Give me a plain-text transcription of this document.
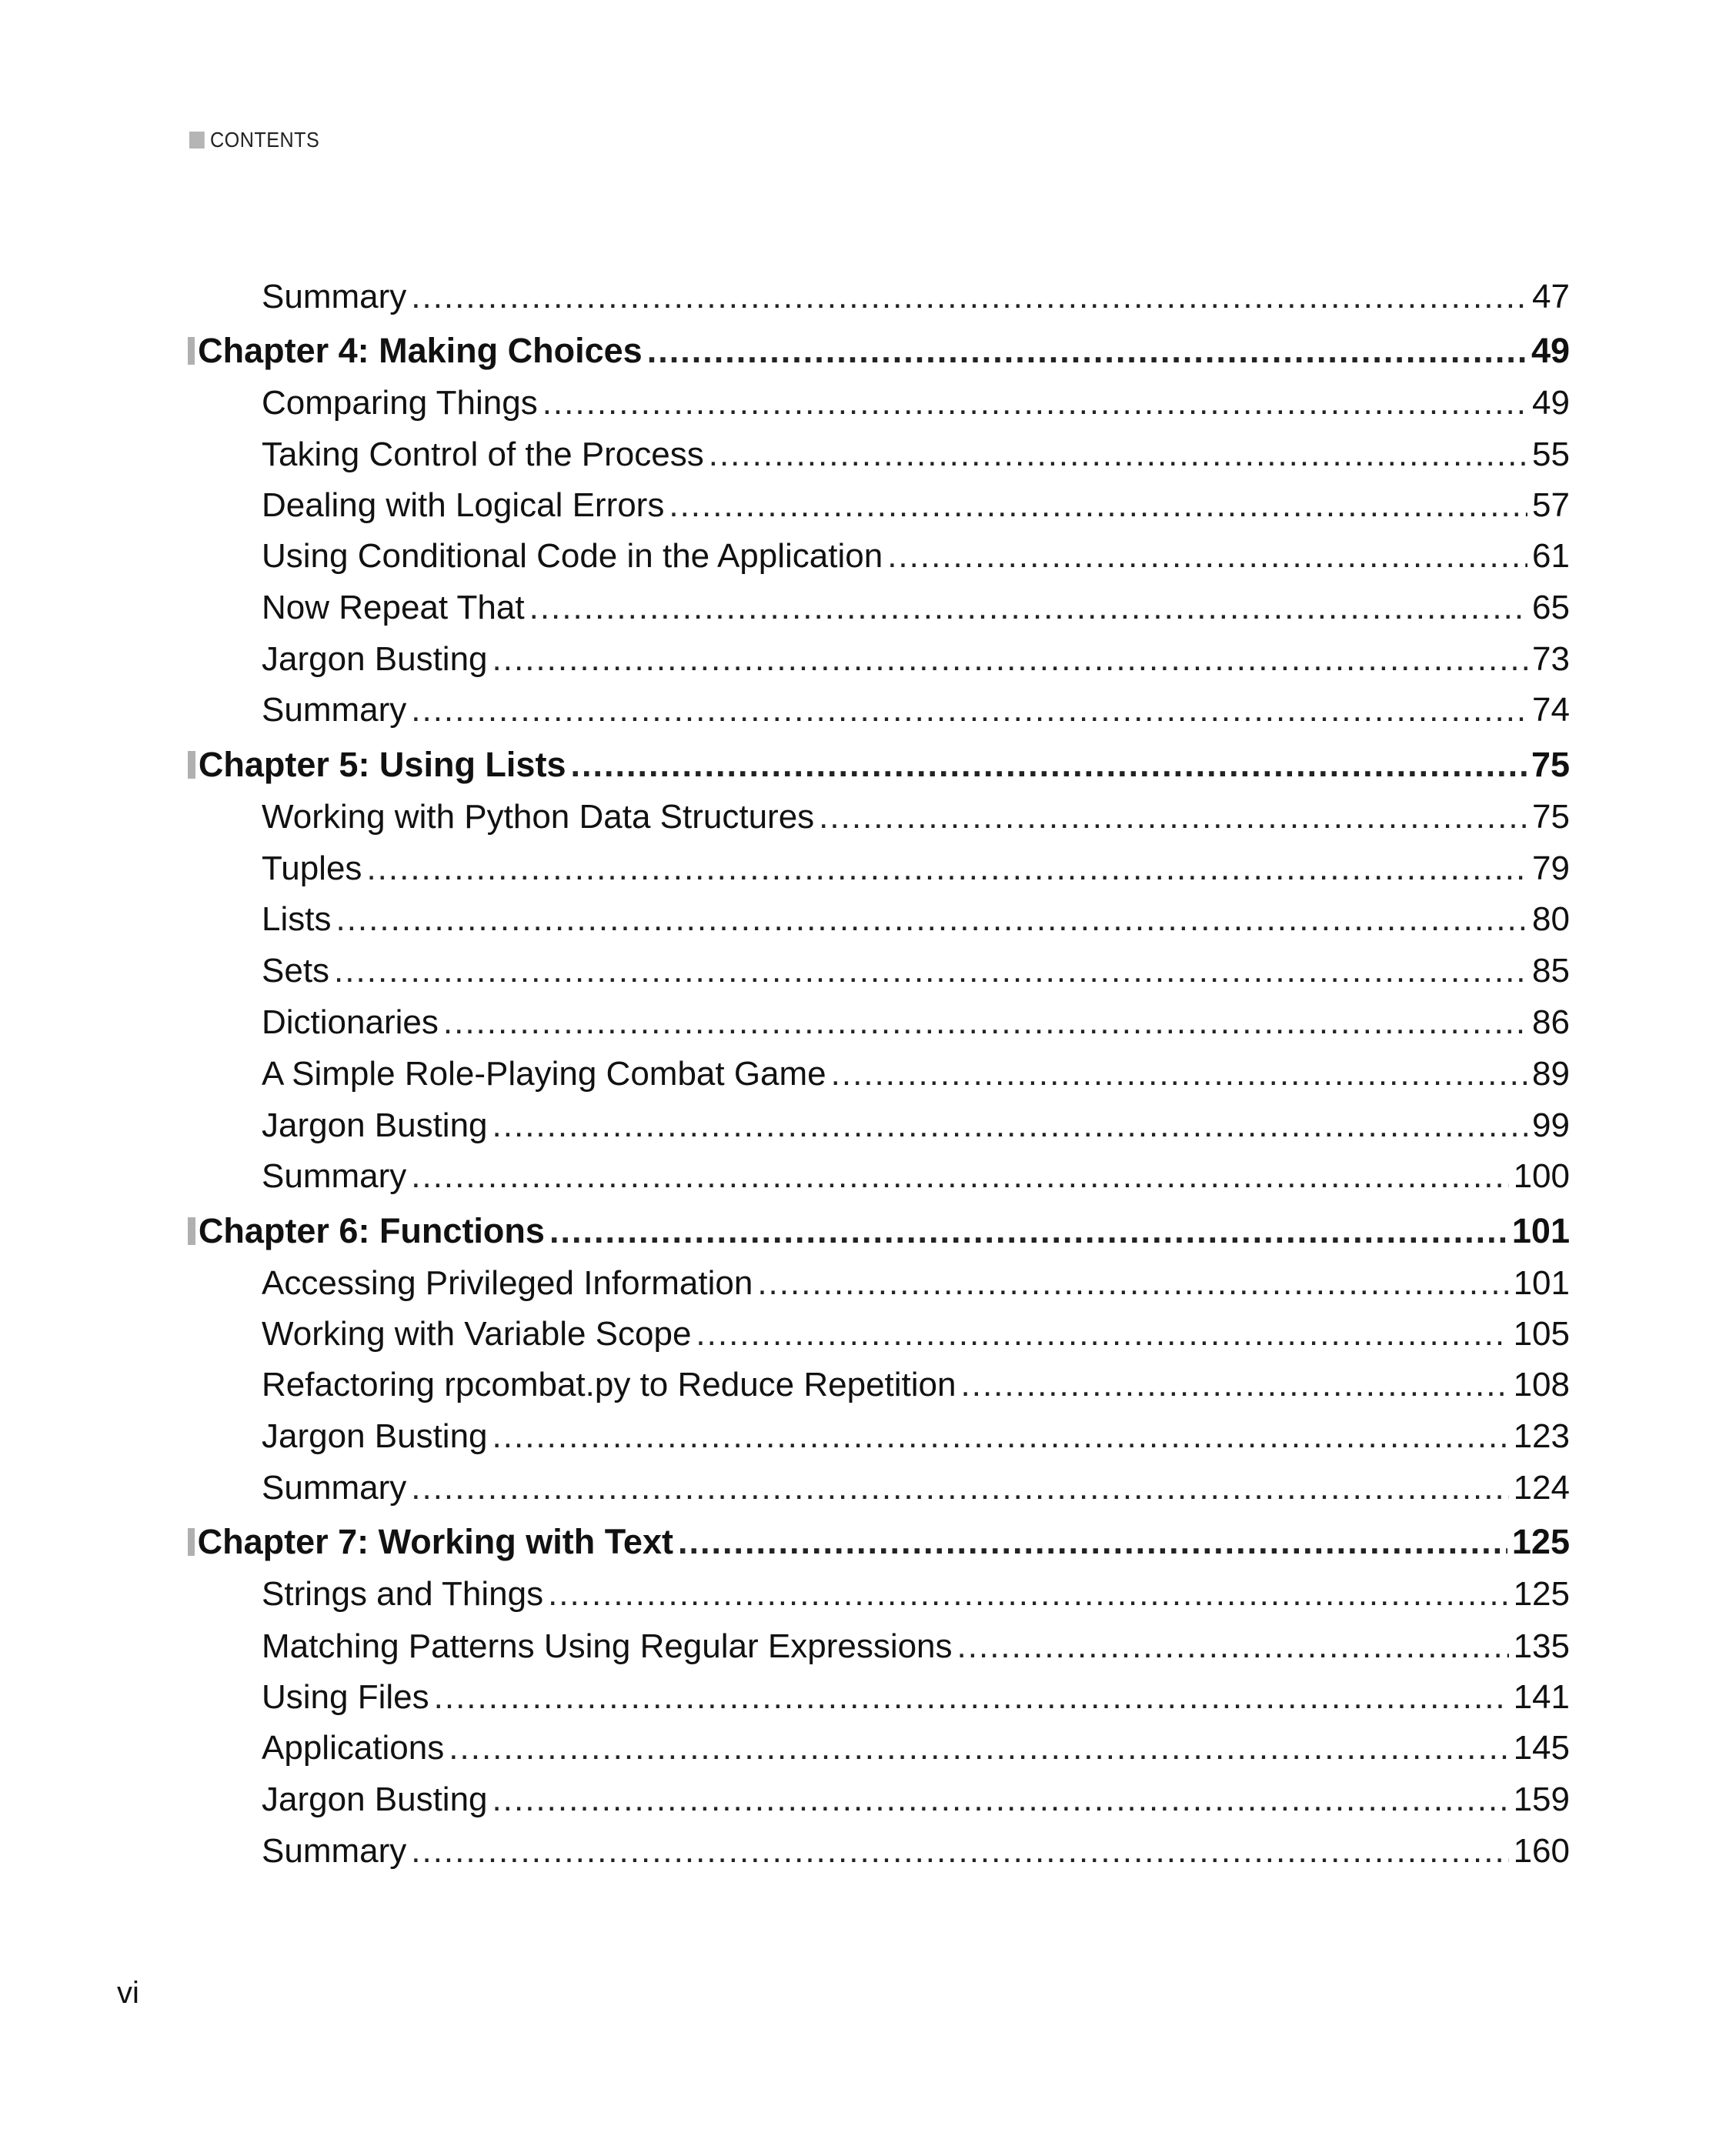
CONTENTS
Summary .....	47
Chapter 4: Making Choices .....	49
Comparing Things .....	49
Taking Control of the Process .....	55
Dealing with Logical Errors .....	57
Using Conditional Code in the Application .....	61
Now Repeat That .....	65
Jargon Busting .....	73
Summary .....	74
Chapter 5: Using Lists .....	75
Working with Python Data Structures .....	75
Tuples .....	79
Lists .....	80
Sets .....	85
Dictionaries .....	86
A Simple Role-Playing Combat Game .....	89
Jargon Busting .....	99
Summary .....	100
Chapter 6: Functions .....	101
Accessing Privileged Information .....	101
Working with Variable Scope .....	105
Refactoring rpcombat.py to Reduce Repetition .....	108
Jargon Busting .....	123
Summary .....	124
Chapter 7: Working with Text .....	125
Strings and Things .....	125
Matching Patterns Using Regular Expressions .....	135
Using Files .....	141
Applications .....	145
Jargon Busting .....	159
Summary .....	160
vi
